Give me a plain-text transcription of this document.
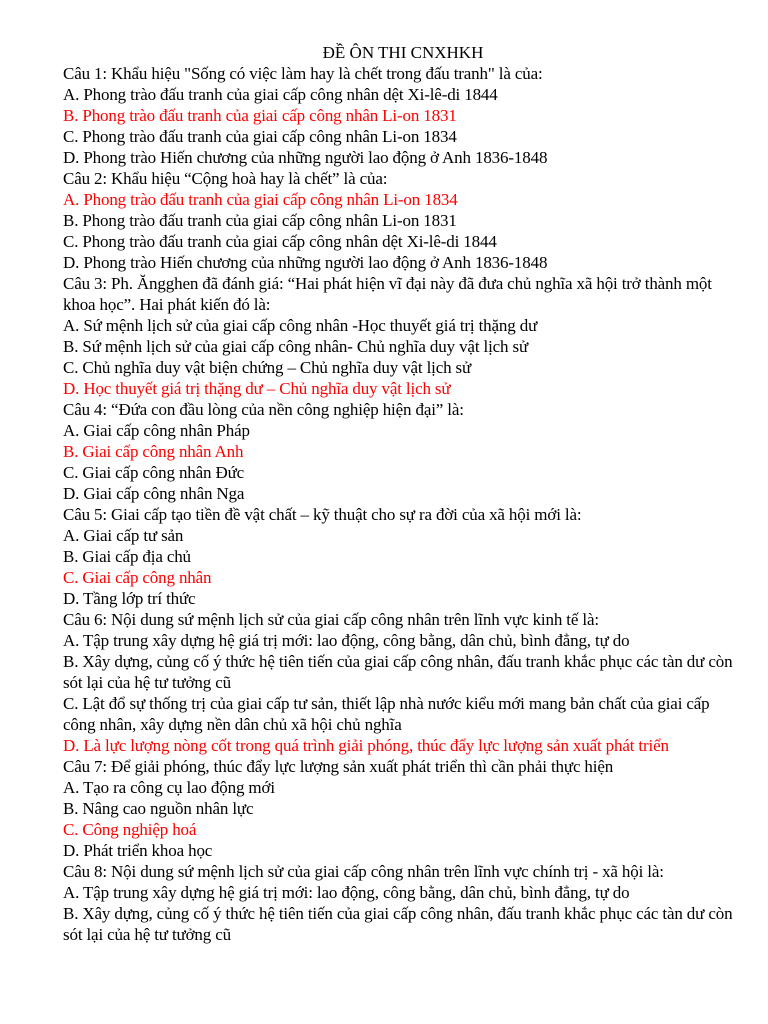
ĐỀ ÔN THI CNXHKH
Câu 1: Khẩu hiệu "Sống có việc làm hay là chết trong đấu tranh" là của:
A. Phong trào đấu tranh của giai cấp công nhân dệt Xi-lê-di 1844
B. Phong trào đấu tranh của giai cấp công nhân Li-on 1831
C. Phong trào đấu tranh của giai cấp công nhân Li-on 1834
D. Phong trào Hiến chương của những người lao động ở Anh 1836-1848
Câu 2: Khẩu hiệu “Cộng hoà hay là chết” là của:
A. Phong trào đấu tranh của giai cấp công nhân Li-on 1834
B. Phong trào đấu tranh của giai cấp công nhân Li-on 1831
C. Phong trào đấu tranh của giai cấp công nhân dệt Xi-lê-di 1844
D. Phong trào Hiến chương của những người lao động ở Anh 1836-1848
Câu 3: Ph. Ăngghen đã đánh giá: “Hai phát hiện vĩ đại này đã đưa chủ nghĩa xã hội trở thành một khoa học”. Hai phát kiến đó là:
A. Sứ mệnh lịch sử của giai cấp công nhân -Học thuyết giá trị thặng dư
B. Sứ mệnh lịch sử của giai cấp công nhân- Chủ nghĩa duy vật lịch sử
C. Chủ nghĩa duy vật biện chứng – Chủ nghĩa duy vật lịch sử
D. Học thuyết giá trị thặng dư – Chủ nghĩa duy vật lịch sử
Câu 4: “Đứa con đầu lòng của nền công nghiệp hiện đại” là:
A. Giai cấp công nhân Pháp
B. Giai cấp công nhân Anh
C. Giai cấp công nhân Đức
D. Giai cấp công nhân Nga
Câu 5: Giai cấp tạo tiền đề vật chất – kỹ thuật cho sự ra đời của xã hội mới là:
A. Giai cấp tư sản
B. Giai cấp địa chủ
C. Giai cấp công nhân
D. Tầng lớp trí thức
Câu 6: Nội dung sứ mệnh lịch sử của giai cấp công nhân trên lĩnh vực kinh tế là:
A. Tập trung xây dựng hệ giá trị mới: lao động, công bằng, dân chủ, bình đẳng, tự do
B. Xây dựng, củng cố ý thức hệ tiên tiến của giai cấp công nhân, đấu tranh khắc phục các tàn dư còn sót lại của hệ tư tưởng cũ
C. Lật đổ sự thống trị của giai cấp tư sản, thiết lập nhà nước kiểu mới mang bản chất của giai cấp công nhân, xây dựng nền dân chủ xã hội chủ nghĩa
D. Là lực lượng nòng cốt trong quá trình giải phóng, thúc đẩy lực lượng sản xuất phát triển
Câu 7: Để giải phóng, thúc đẩy lực lượng sản xuất phát triển thì cần phải thực hiện
A. Tạo ra công cụ lao động mới
B. Nâng cao nguồn nhân lực
C. Công nghiệp hoá
D. Phát triển khoa học
Câu 8: Nội dung sứ mệnh lịch sử của giai cấp công nhân trên lĩnh vực chính trị - xã hội là:
A. Tập trung xây dựng hệ giá trị mới: lao động, công bằng, dân chủ, bình đẳng, tự do
B. Xây dựng, củng cố ý thức hệ tiên tiến của giai cấp công nhân, đấu tranh khắc phục các tàn dư còn sót lại của hệ tư tưởng cũ
